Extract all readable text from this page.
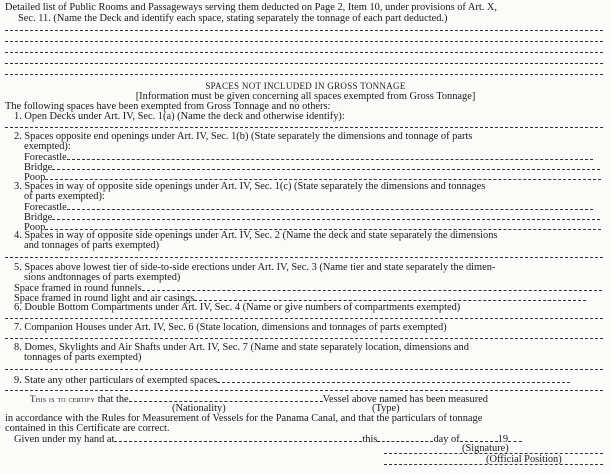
Detailed list of Public Rooms and Passageways serving them deducted on Page 2, Item 10, under provisions of Art. X,
Sec. 11. (Name the Deck and identify each space, stating separately the tonnage of each part deducted.)
SPACES NOT INCLUDED IN GROSS TONNAGE
[Information must be given concerning all spaces exempted from Gross Tonnage]
The following spaces have been exempted from Gross Tonnage and no others:
1. Open Decks under Art. IV, Sec. 1(a) (Name the deck and otherwise identify):
2. Spaces opposite end openings under Art. IV, Sec. 1(b) (State separately the dimensions and tonnage of parts
exempted):
Forecastle
Bridge
Poop
3. Spaces in way of opposite side openings under Art. IV, Sec. 1(c) (State separately the dimensions and tonnages
of parts exempted):
Forecastle
Bridge
Poop
4. Spaces in way of opposite side openings under Art. IV, Sec. 2 (Name the deck and state separately the dimensions
and tonnages of parts exempted)
5. Spaces above lowest tier of side-to-side erections under Art. IV, Sec. 3 (Name tier and state separately the dimen-
sions andtonnages of parts exempted)
Space framed in round funnels
Space framed in round light and air casings
6. Double Bottom Compartments under Art. IV, Sec. 4 (Name or give numbers of compartments exempted)
7. Companion Houses under Art. IV, Sec. 6 (State location, dimensions and tonnages of parts exempted)
8. Domes, Skylights and Air Shafts under Art. IV, Sec. 7 (Name and state separately location, dimensions and
tonnages of parts exempted)
9. State any other particulars of exempted spaces
This is to certify that the	Vessel above named has been measured
(Nationality)	(Type)
in accordance with the Rules for Measurement of Vessels for the Panama Canal, and that the particulars of tonnage
contained in this Certificate are correct.
Given under my hand at	this	day of	19
(Signature)
(Official Position)
